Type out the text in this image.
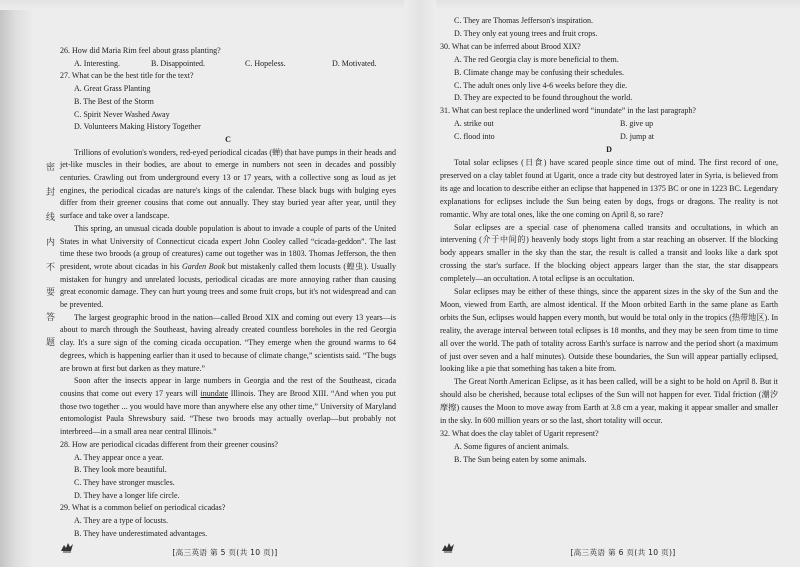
密
封
线
内
不
要
答
题
26. How did Maria Rim feel about grass planting?
A. Interesting.	B. Disappointed.	C. Hopeless.	D. Motivated.
27. What can be the best title for the text?
A. Great Grass Planting
B. The Best of the Storm
C. Spirit Never Washed Away
D. Volunteers Making History Together
C

Trillions of evolution's wonders, red-eyed periodical cicadas (蝉) that have pumps in their heads and jet-like muscles in their bodies, are about to emerge in numbers not seen in decades and possibly centuries. Crawling out from underground every 13 or 17 years, with a collective song as loud as jet engines, the periodical cicadas are nature's kings of the calendar. These black bugs with bulging eyes differ from their greener cousins that come out annually. They stay buried year after year, until they surface and take over a landscape.

This spring, an unusual cicada double population is about to invade a couple of parts of the United States in what University of Connecticut cicada expert John Cooley called “cicada-geddon”. The last time these two broods (a group of creatures) came out together was in 1803. Thomas Jefferson, the then president, wrote about cicadas in his Garden Book but mistakenly called them locusts (蝗虫). Usually mistaken for hungry and unrelated locusts, periodical cicadas are more annoying rather than causing great economic damage. They can hurt young trees and some fruit crops, but it's not widespread and can be prevented.

The largest geographic brood in the nation—called Brood XIX and coming out every 13 years—is about to march through the Southeast, having already created countless boreholes in the red Georgia clay. It's a sure sign of the coming cicada occupation. “They emerge when the ground warms to 64 degrees, which is happening earlier than it used to because of climate change,” scientists said. “The bugs are brown at first but darken as they mature.”

Soon after the insects appear in large numbers in Georgia and the rest of the Southeast, cicada cousins that come out every 17 years will inundate Illinois. They are Brood XIII. “And when you put those two together ... you would have more than anywhere else any other time,” University of Maryland entomologist Paula Shrewsbury said. “These two broods may actually overlap—but probably not interbreed—in a small area near central Illinois.”

28. How are periodical cicadas different from their greener cousins?
A. They appear once a year.
B. They look more beautiful.
C. They have stronger muscles.
D. They have a longer life circle.
29. What is a common belief on periodical cicadas?
A. They are a type of locusts.
B. They have underestimated advantages.
[高三英语 第 5 页(共 10 页)]
C. They are Thomas Jefferson's inspiration.
D. They only eat young trees and fruit crops.
30. What can be inferred about Brood XIX?
A. The red Georgia clay is more beneficial to them.
B. Climate change may be confusing their schedules.
C. The adult ones only live 4-6 weeks before they die.
D. They are expected to be found throughout the world.
31. What can best replace the underlined word “inundate” in the last paragraph?
A. strike out	B. give up
C. flood into	D. jump at
D

Total solar eclipses (日食) have scared people since time out of mind. The first record of one, preserved on a clay tablet found at Ugarit, once a trade city but destroyed later in Syria, is believed from its age and location to describe either an eclipse that happened in 1375 BC or one in 1223 BC. Legendary explanations for eclipses include the Sun being eaten by dogs, frogs or dragons. The reality is not romantic. Why are total ones, like the one coming on April 8, so rare?

Solar eclipses are a special case of phenomena called transits and occultations, in which an intervening (介于中间的) heavenly body stops light from a star reaching an observer. If the blocking body appears smaller in the sky than the star, the result is called a transit and looks like a dark spot crossing the star's surface. If the blocking object appears larger than the star, the star disappears completely—an occultation. A total eclipse is an occultation.

Solar eclipses may be either of these things, since the apparent sizes in the sky of the Sun and the Moon, viewed from Earth, are almost identical. If the Moon orbited Earth in the same plane as Earth orbits the Sun, eclipses would happen every month, but would be total only in the tropics (热带地区). In reality, the average interval between total eclipses is 18 months, and they may be seen from time to time all over the world. The path of totality across Earth's surface is narrow and the period short (a maximum of just over seven and a half minutes). Outside these boundaries, the Sun will appear partially eclipsed, looking like a pie that something has taken a bite from.

The Great North American Eclipse, as it has been called, will be a sight to be hold on April 8. But it should also be cherished, because total eclipses of the Sun will not happen for ever. Tidal friction (潮汐摩擦) causes the Moon to move away from Earth at 3.8 cm a year, making it appear smaller and smaller in the sky. In 600 million years or so the last, short totality will occur.

32. What does the clay tablet of Ugarit represent?
A. Some figures of ancient animals.
B. The Sun being eaten by some animals.
[高三英语 第 6 页(共 10 页)]
